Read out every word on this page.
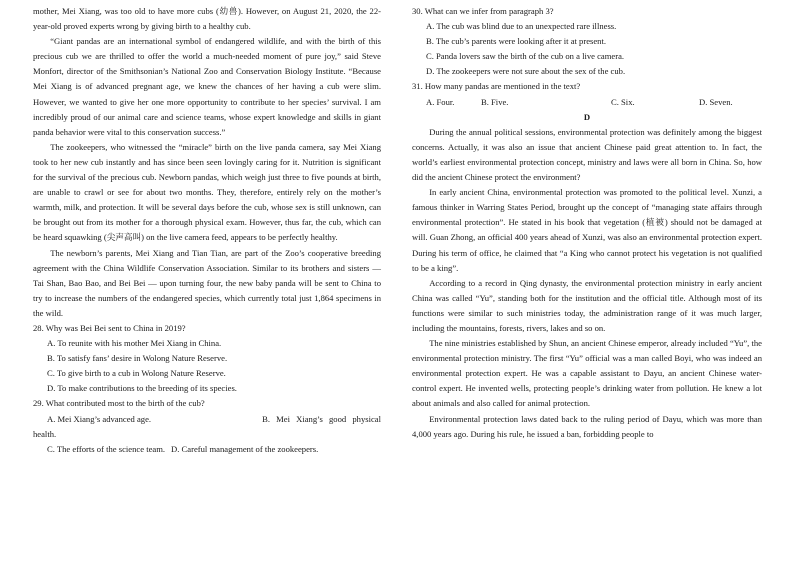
mother, Mei Xiang, was too old to have more cubs (幼兽). However, on August 21, 2020, the 22-year-old proved experts wrong by giving birth to a healthy cub.

“Giant pandas are an international symbol of endangered wildlife, and with the birth of this precious cub we are thrilled to offer the world a much-needed moment of pure joy,” said Steve Monfort, director of the Smithsonian’s National Zoo and Conservation Biology Institute. “Because Mei Xiang is of advanced pregnant age, we knew the chances of her having a cub were slim. However, we wanted to give her one more opportunity to contribute to her species’ survival. I am incredibly proud of our animal care and science teams, whose expert knowledge and skills in giant panda behavior were vital to this conservation success.”

The zookeepers, who witnessed the “miracle” birth on the live panda camera, say Mei Xiang took to her new cub instantly and has since been seen lovingly caring for it. Nutrition is significant for the survival of the precious cub. Newborn pandas, which weigh just three to five pounds at birth, are unable to crawl or see for about two months. They, therefore, entirely rely on the mother’s warmth, milk, and protection. It will be several days before the cub, whose sex is still unknown, can be brought out from its mother for a thorough physical exam. However, thus far, the cub, which can be heard squawking (尖声高叫) on the live camera feed, appears to be perfectly healthy.

The newborn’s parents, Mei Xiang and Tian Tian, are part of the Zoo’s cooperative breeding agreement with the China Wildlife Conservation Association. Similar to its brothers and sisters — Tai Shan, Bao Bao, and Bei Bei — upon turning four, the new baby panda will be sent to China to try to increase the numbers of the endangered species, which currently total just 1,864 specimens in the wild.

28. Why was Bei Bei sent to China in 2019?

A. To reunite with his mother Mei Xiang in China.

B. To satisfy fans’ desire in Wolong Nature Reserve.

C. To give birth to a cub in Wolong Nature Reserve.

D. To make contributions to the breeding of its species.

29. What contributed most to the birth of the cub?

A. Mei Xiang’s advanced age.	B. Mei Xiang’s good physical

health.

C. The efforts of the science team. D. Careful management of the zookeepers.

30. What can we infer from paragraph 3?

A. The cub was blind due to an unexpected rare illness.

B. The cub’s parents were looking after it at present.

C. Panda lovers saw the birth of the cub on a live camera.

D. The zookeepers were not sure about the sex of the cub.

31. How many pandas are mentioned in the text?

A. Four.	B. Five.	C. Six.	D. Seven.

D

During the annual political sessions, environmental protection was definitely among the biggest concerns. Actually, it was also an issue that ancient Chinese paid great attention to. In fact, the world’s earliest environmental protection concept, ministry and laws were all born in China. So, how did the ancient Chinese protect the environment?

In early ancient China, environmental protection was promoted to the political level. Xunzi, a famous thinker in Warring States Period, brought up the concept of “managing state affairs through environmental protection”. He stated in his book that vegetation (植被) should not be damaged at will. Guan Zhong, an official 400 years ahead of Xunzi, was also an environmental protection expert. During his term of office, he claimed that “a King who cannot protect his vegetation is not qualified to be a king”.

According to a record in Qing dynasty, the environmental protection ministry in early ancient China was called “Yu”, standing both for the institution and the official title. Although most of its functions were similar to such ministries today, the administration range of it was much larger, including the mountains, forests, rivers, lakes and so on.

The nine ministries established by Shun, an ancient Chinese emperor, already included “Yu”, the environmental protection ministry. The first “Yu” official was a man called Boyi, who was indeed an environmental protection expert. He was a capable assistant to Dayu, an ancient Chinese water-control expert. He invented wells, protecting people’s drinking water from pollution. He knew a lot about animals and also called for animal protection.

Environmental protection laws dated back to the ruling period of Dayu, which was more than 4,000 years ago. During his rule, he issued a ban, forbidding people to
